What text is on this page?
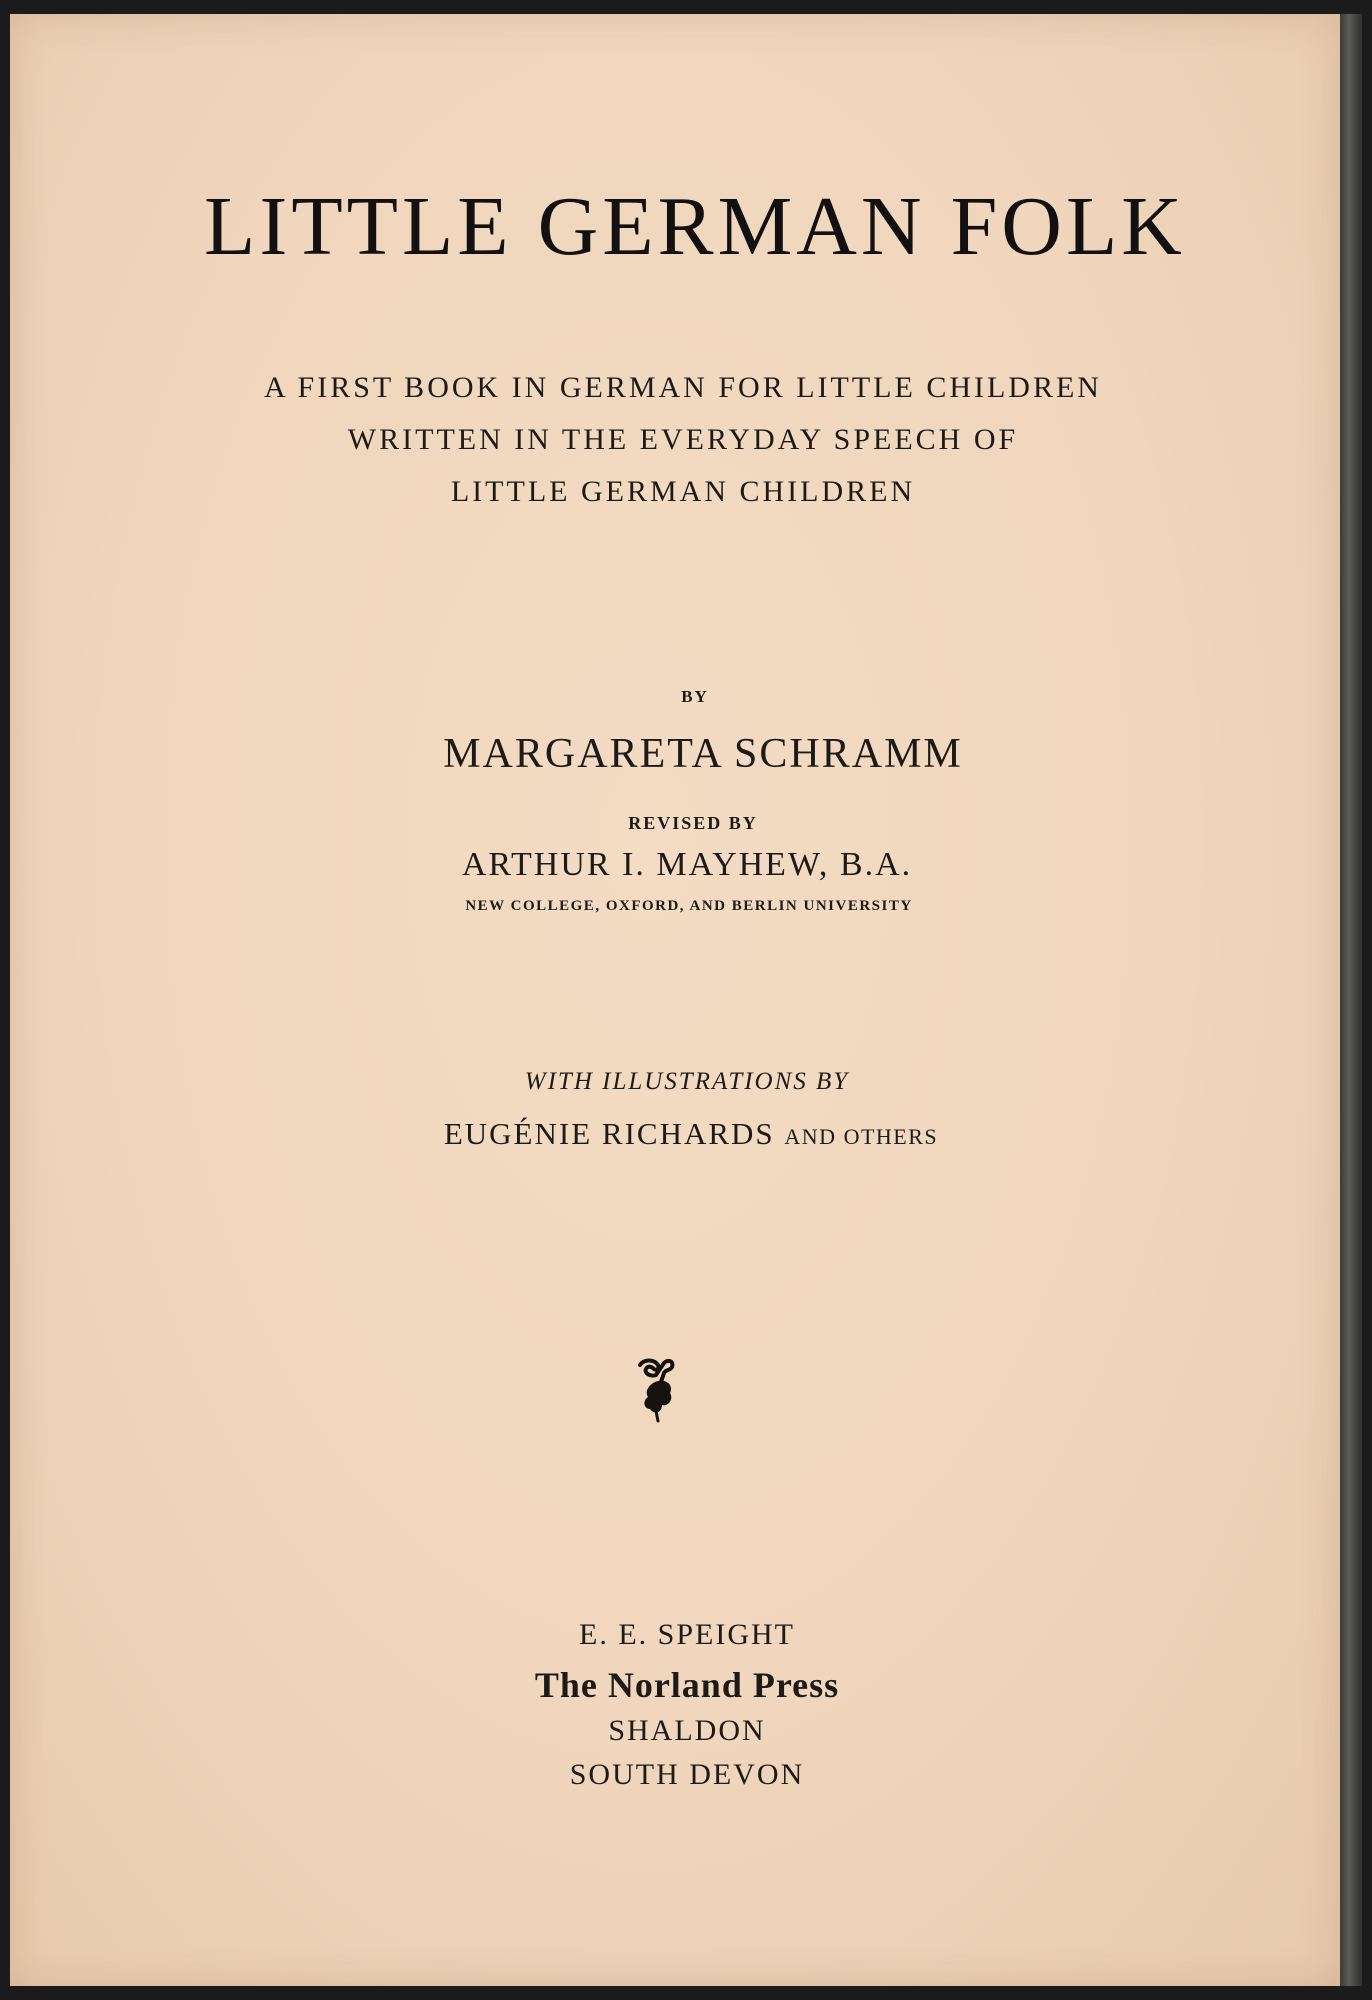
LITTLE GERMAN FOLK
A FIRST BOOK IN GERMAN FOR LITTLE CHILDREN
WRITTEN IN THE EVERYDAY SPEECH OF
LITTLE GERMAN CHILDREN
BY
MARGARETA SCHRAMM
REVISED BY
ARTHUR I. MAYHEW, B.A.
NEW COLLEGE, OXFORD, AND BERLIN UNIVERSITY
WITH ILLUSTRATIONS BY
EUGÉNIE RICHARDS AND OTHERS
E. E. SPEIGHT
The Norland Press
SHALDON
SOUTH DEVON
